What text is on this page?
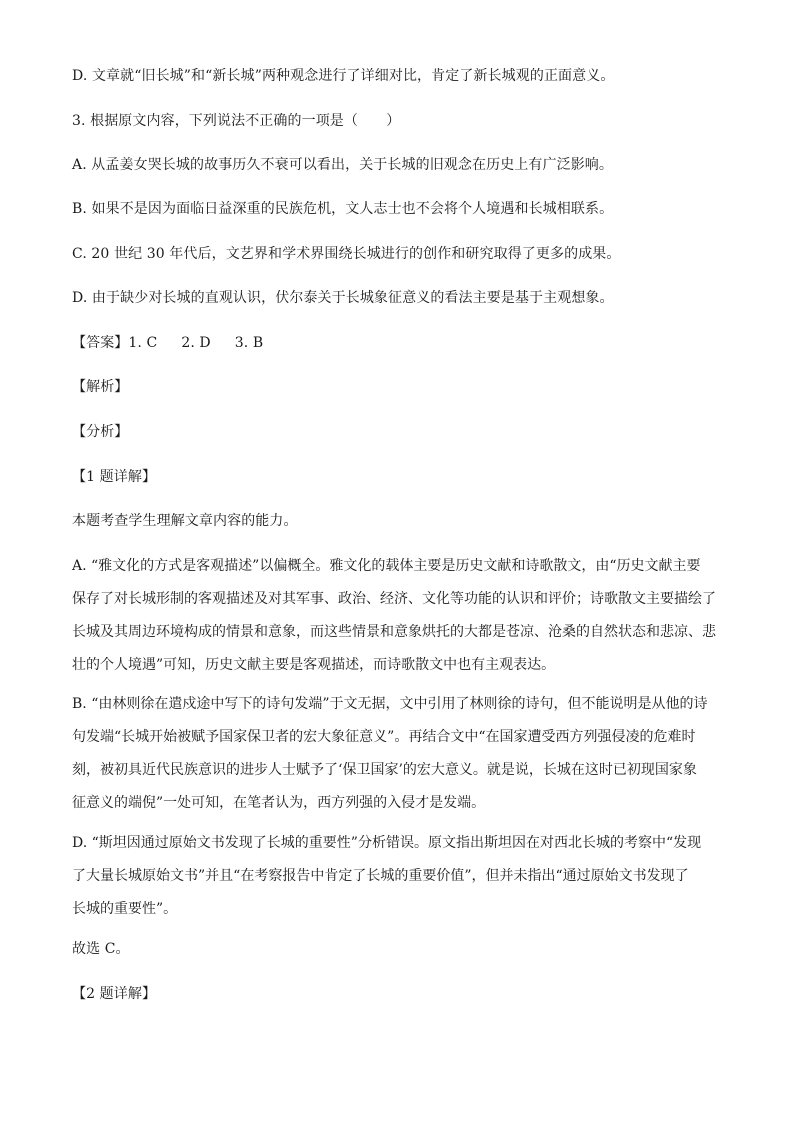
D. 文章就“旧长城”和“新长城”两种观念进行了详细对比，肯定了新长城观的正面意义。
3. 根据原文内容，下列说法不正确的一项是（　　）
A. 从孟姜女哭长城的故事历久不衰可以看出，关于长城的旧观念在历史上有广泛影响。
B. 如果不是因为面临日益深重的民族危机，文人志士也不会将个人境遇和长城相联系。
C. 20 世纪 30 年代后，文艺界和学术界围绕长城进行的创作和研究取得了更多的成果。
D. 由于缺少对长城的直观认识，伏尔泰关于长城象征意义的看法主要是基于主观想象。
【答案】1. C 2. D 3. B
【解析】
【分析】
【1 题详解】
本题考查学生理解文章内容的能力。
A. “雅文化的方式是客观描述”以偏概全。雅文化的载体主要是历史文献和诗歌散文，由“历史文献主要
保存了对长城形制的客观描述及对其军事、政治、经济、文化等功能的认识和评价；诗歌散文主要描绘了
长城及其周边环境构成的情景和意象，而这些情景和意象烘托的大都是苍凉、沧桑的自然状态和悲凉、悲
壮的个人境遇”可知，历史文献主要是客观描述，而诗歌散文中也有主观表达。
B. “由林则徐在遣戍途中写下的诗句发端”于文无据，文中引用了林则徐的诗句，但不能说明是从他的诗
句发端“长城开始被赋予国家保卫者的宏大象征意义”。再结合文中“在国家遭受西方列强侵凌的危难时
刻，被初具近代民族意识的进步人士赋予了‘保卫国家’的宏大意义。就是说，长城在这时已初现国家象
征意义的端倪”一处可知，在笔者认为，西方列强的入侵才是发端。
D. “斯坦因通过原始文书发现了长城的重要性”分析错误。原文指出斯坦因在对西北长城的考察中“发现
了大量长城原始文书”并且“在考察报告中肯定了长城的重要价值”，但并未指出“通过原始文书发现了
长城的重要性”。
故选 C。
【2 题详解】
